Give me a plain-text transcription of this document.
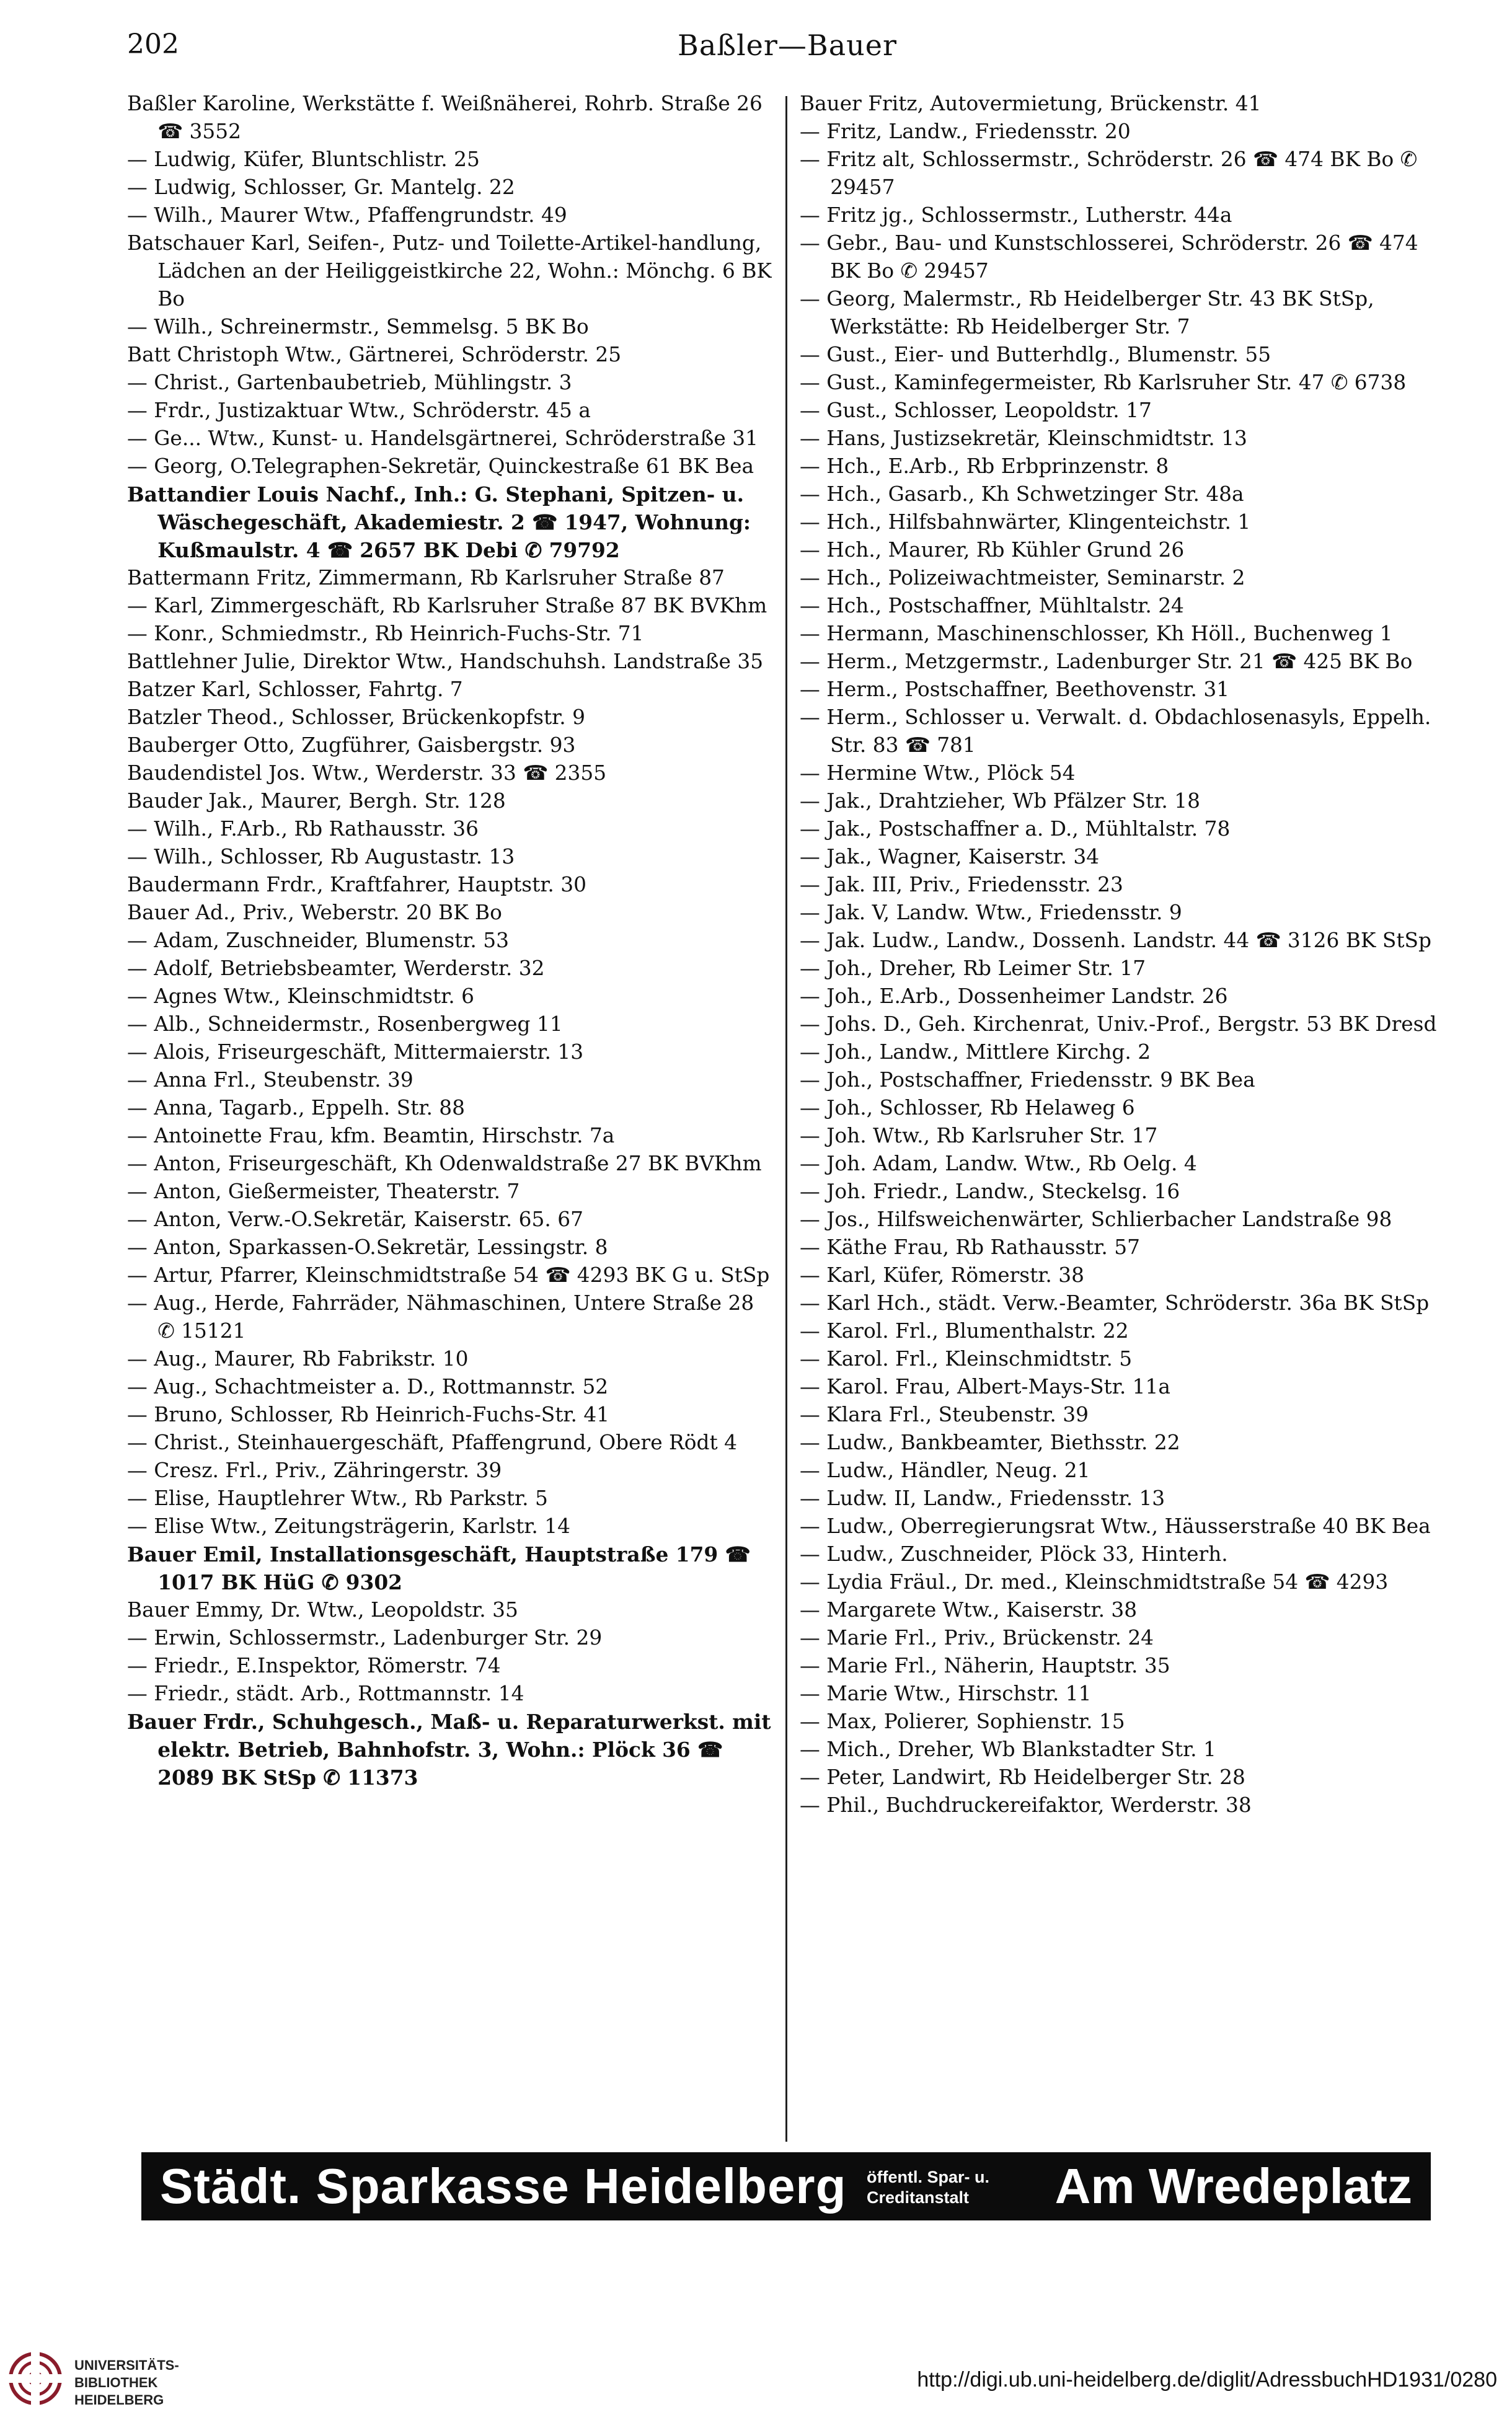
202	Baßler—Bauer
Baßler Karoline, Werkstätte f. Weißnäherei, Rohrb. Straße 26 ☎ 3552
— Ludwig, Küfer, Bluntschlistr. 25
— Ludwig, Schlosser, Gr. Mantelg. 22
— Wilh., Maurer Wtw., Pfaffengrundstr. 49
Batschauer Karl, Seifen-, Putz- und Toilette-Artikel-handlung, Lädchen an der Heiliggeistkirche 22, Wohn.: Mönchg. 6 BK Bo
— Wilh., Schreinermstr., Semmelsg. 5 BK Bo
Batt Christoph Wtw., Gärtnerei, Schröderstr. 25
— Christ., Gartenbaubetrieb, Mühlingstr. 3
— Frdr., Justizaktuar Wtw., Schröderstr. 45 a
— Ge... Wtw., Kunst- u. Handelsgärtnerei, Schröderstraße 31
— Georg, O.Telegraphen-Sekretär, Quinckestraße 61 BK Bea
Battandier Louis Nachf., Inh.: G. Stephani, Spitzen- u. Wäschegeschäft, Akademiestr. 2 ☎ 1947, Wohnung: Kußmaulstr. 4 ☎ 2657 BK Debi ✆ 79792
Battermann Fritz, Zimmermann, Rb Karlsruher Straße 87
— Karl, Zimmergeschäft, Rb Karlsruher Straße 87 BK BVKhm
— Konr., Schmiedmstr., Rb Heinrich-Fuchs-Str. 71
Battlehner Julie, Direktor Wtw., Handschuhsh. Landstraße 35
Batzer Karl, Schlosser, Fahrtg. 7
Batzler Theod., Schlosser, Brückenkopfstr. 9
Bauberger Otto, Zugführer, Gaisbergstr. 93
Baudendistel Jos. Wtw., Werderstr. 33 ☎ 2355
Bauder Jak., Maurer, Bergh. Str. 128
— Wilh., F.Arb., Rb Rathausstr. 36
— Wilh., Schlosser, Rb Augustastr. 13
Baudermann Frdr., Kraftfahrer, Hauptstr. 30
Bauer Ad., Priv., Weberstr. 20 BK Bo
— Adam, Zuschneider, Blumenstr. 53
— Adolf, Betriebsbeamter, Werderstr. 32
— Agnes Wtw., Kleinschmidtstr. 6
— Alb., Schneidermstr., Rosenbergweg 11
— Alois, Friseurgeschäft, Mittermaierstr. 13
— Anna Frl., Steubenstr. 39
— Anna, Tagarb., Eppelh. Str. 88
— Antoinette Frau, kfm. Beamtin, Hirschstr. 7a
— Anton, Friseurgeschäft, Kh Odenwaldstraße 27 BK BVKhm
— Anton, Gießermeister, Theaterstr. 7
— Anton, Verw.-O.Sekretär, Kaiserstr. 65. 67
— Anton, Sparkassen-O.Sekretär, Lessingstr. 8
— Artur, Pfarrer, Kleinschmidtstraße 54 ☎ 4293 BK G u. StSp
— Aug., Herde, Fahrräder, Nähmaschinen, Untere Straße 28 ✆ 15121
— Aug., Maurer, Rb Fabrikstr. 10
— Aug., Schachtmeister a. D., Rottmannstr. 52
— Bruno, Schlosser, Rb Heinrich-Fuchs-Str. 41
— Christ., Steinhauergeschäft, Pfaffengrund, Obere Rödt 4
— Cresz. Frl., Priv., Zähringerstr. 39
— Elise, Hauptlehrer Wtw., Rb Parkstr. 5
— Elise Wtw., Zeitungsträgerin, Karlstr. 14
Bauer Emil, Installationsgeschäft, Hauptstraße 179 ☎ 1017 BK HüG ✆ 9302
Bauer Emmy, Dr. Wtw., Leopoldstr. 35
— Erwin, Schlossermstr., Ladenburger Str. 29
— Friedr., E.Inspektor, Römerstr. 74
— Friedr., städt. Arb., Rottmannstr. 14
Bauer Frdr., Schuhgesch., Maß- u. Reparaturwerkst. mit elektr. Betrieb, Bahnhofstr. 3, Wohn.: Plöck 36 ☎ 2089 BK StSp ✆ 11373
Bauer Fritz, Autovermietung, Brückenstr. 41
— Fritz, Landw., Friedensstr. 20
— Fritz alt, Schlossermstr., Schröderstr. 26 ☎ 474 BK Bo ✆ 29457
— Fritz jg., Schlossermstr., Lutherstr. 44a
— Gebr., Bau- und Kunstschlosserei, Schröderstr. 26 ☎ 474 BK Bo ✆ 29457
— Georg, Malermstr., Rb Heidelberger Str. 43 BK StSp, Werkstätte: Rb Heidelberger Str. 7
— Gust., Eier- und Butterhdlg., Blumenstr. 55
— Gust., Kaminfegermeister, Rb Karlsruher Str. 47 ✆ 6738
— Gust., Schlosser, Leopoldstr. 17
— Hans, Justizsekretär, Kleinschmidtstr. 13
— Hch., E.Arb., Rb Erbprinzenstr. 8
— Hch., Gasarb., Kh Schwetzinger Str. 48a
— Hch., Hilfsbahnwärter, Klingenteichstr. 1
— Hch., Maurer, Rb Kühler Grund 26
— Hch., Polizeiwachtmeister, Seminarstr. 2
— Hch., Postschaffner, Mühltalstr. 24
— Hermann, Maschinenschlosser, Kh Höll., Buchenweg 1
— Herm., Metzgermstr., Ladenburger Str. 21 ☎ 425 BK Bo
— Herm., Postschaffner, Beethovenstr. 31
— Herm., Schlosser u. Verwalt. d. Obdachlosenasyls, Eppelh. Str. 83 ☎ 781
— Hermine Wtw., Plöck 54
— Jak., Drahtzieher, Wb Pfälzer Str. 18
— Jak., Postschaffner a. D., Mühltalstr. 78
— Jak., Wagner, Kaiserstr. 34
— Jak. III, Priv., Friedensstr. 23
— Jak. V, Landw. Wtw., Friedensstr. 9
— Jak. Ludw., Landw., Dossenh. Landstr. 44 ☎ 3126 BK StSp
— Joh., Dreher, Rb Leimer Str. 17
— Joh., E.Arb., Dossenheimer Landstr. 26
— Johs. D., Geh. Kirchenrat, Univ.-Prof., Bergstr. 53 BK Dresd
— Joh., Landw., Mittlere Kirchg. 2
— Joh., Postschaffner, Friedensstr. 9 BK Bea
— Joh., Schlosser, Rb Helaweg 6
— Joh. Wtw., Rb Karlsruher Str. 17
— Joh. Adam, Landw. Wtw., Rb Oelg. 4
— Joh. Friedr., Landw., Steckelsg. 16
— Jos., Hilfsweichenwärter, Schlierbacher Landstraße 98
— Käthe Frau, Rb Rathausstr. 57
— Karl, Küfer, Römerstr. 38
— Karl Hch., städt. Verw.-Beamter, Schröderstr. 36a BK StSp
— Karol. Frl., Blumenthalstr. 22
— Karol. Frl., Kleinschmidtstr. 5
— Karol. Frau, Albert-Mays-Str. 11a
— Klara Frl., Steubenstr. 39
— Ludw., Bankbeamter, Biethsstr. 22
— Ludw., Händler, Neug. 21
— Ludw. II, Landw., Friedensstr. 13
— Ludw., Oberregierungsrat Wtw., Häusserstraße 40 BK Bea
— Ludw., Zuschneider, Plöck 33, Hinterh.
— Lydia Fräul., Dr. med., Kleinschmidtstraße 54 ☎ 4293
— Margarete Wtw., Kaiserstr. 38
— Marie Frl., Priv., Brückenstr. 24
— Marie Frl., Näherin, Hauptstr. 35
— Marie Wtw., Hirschstr. 11
— Max, Polierer, Sophienstr. 15
— Mich., Dreher, Wb Blankstadter Str. 1
— Peter, Landwirt, Rb Heidelberger Str. 28
— Phil., Buchdruckereifaktor, Werderstr. 38
Städt. Sparkasse Heidelberg öffentl. Spar- u.
Creditanstalt	Am Wredeplatz
UNIVERSITÄTS-
BIBLIOTHEK
HEIDELBERG
http://digi.ub.uni-heidelberg.de/diglit/AdressbuchHD1931/0280
